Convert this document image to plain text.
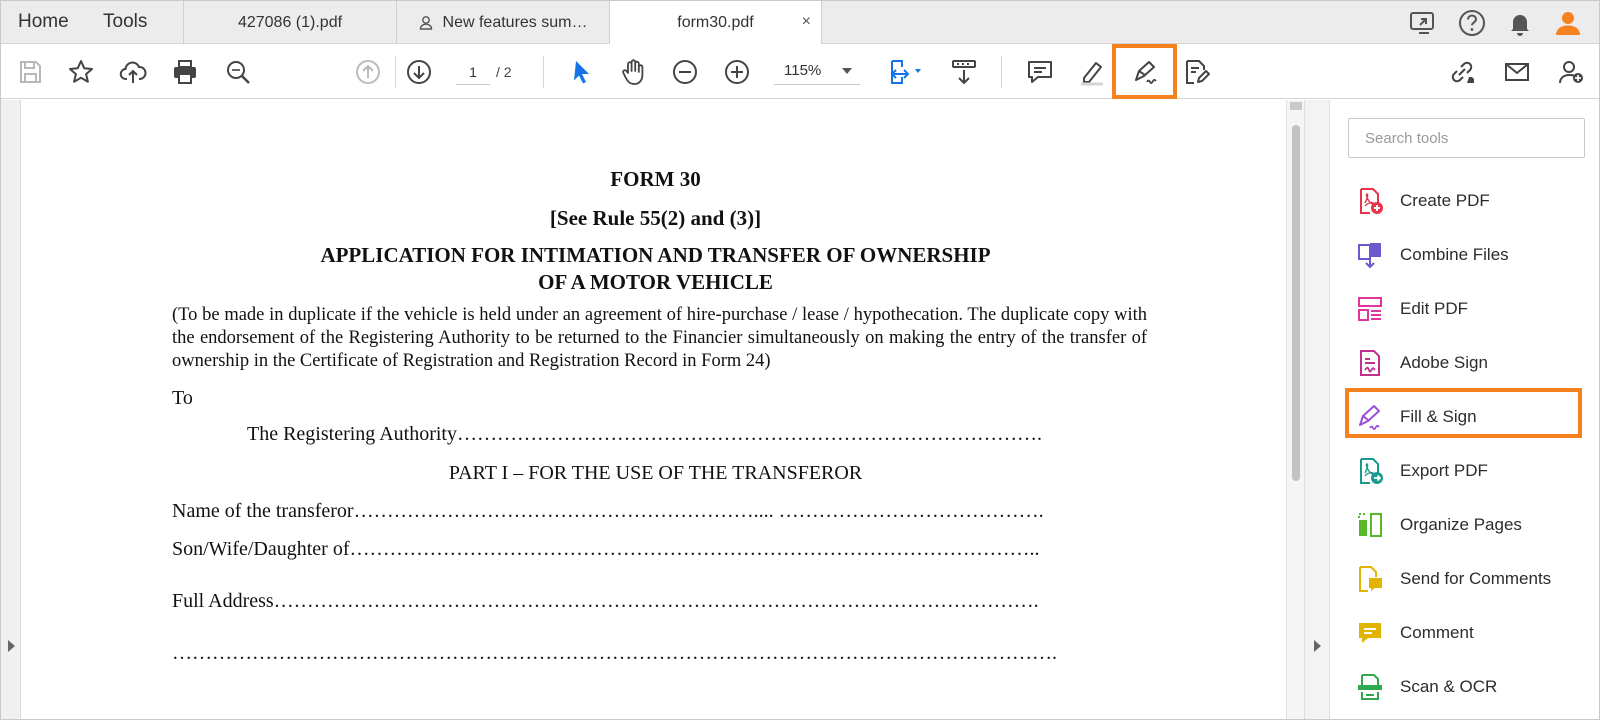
Home Tools	427086 (1).pdf	New features sum…	form30.pdf	×
1
/ 2	115%
FORM 30
[See Rule 55(2) and (3)]
APPLICATION FOR INTIMATION AND TRANSFER OF OWNERSHIP
OF A MOTOR VEHICLE
(To be made in duplicate if the vehicle is held under an agreement of hire-purchase / lease / hypothecation. The duplicate copy with the endorsement of the Registering Authority to be returned to the Financier simultaneously on making the entry of the transfer of ownership in the Certificate of Registration and Registration Record in Form 24)
To
The Registering Authority…………………………………………………………………………….
PART I – FOR THE USE OF THE TRANSFEROR
Name of the transferor…………………………………………………….... ………………………………….
Son/Wife/Daughter of…………………………………………………………………………………………..
Full Address…………………………………………………………………………………………………….
…………………………………………………………………………………………………………………….
Search tools
Create PDF
Combine Files
Edit PDF
Adobe Sign
Fill & Sign
Export PDF
Organize Pages
Send for Comments
Comment
Scan & OCR
